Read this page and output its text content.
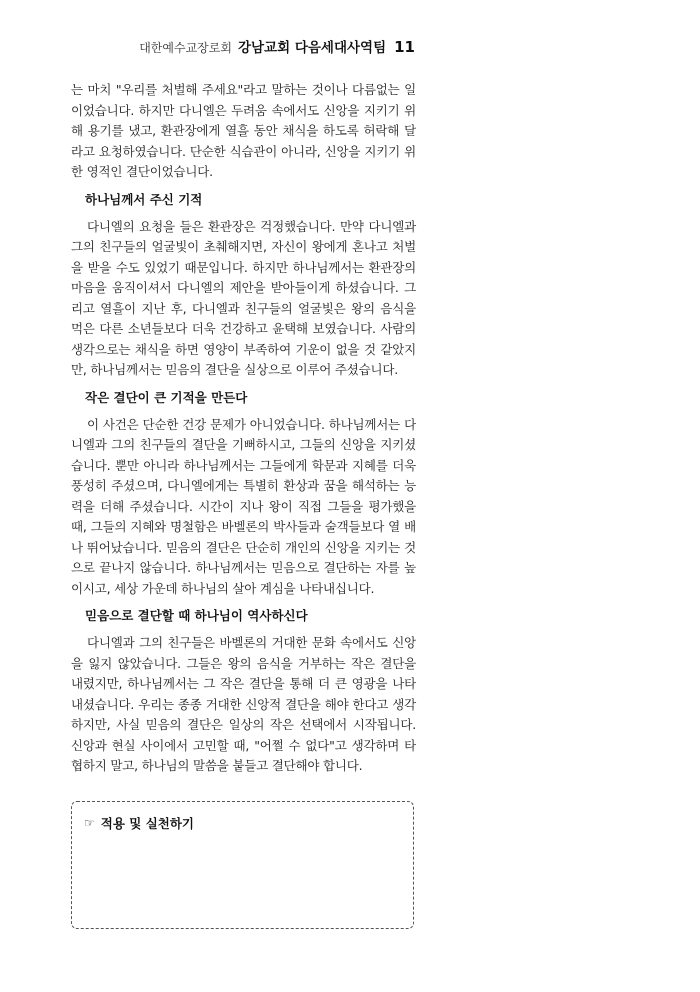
대한예수교장로회 강남교회 다음세대사역팀 11

는 마치 "우리를 처벌해 주세요"라고 말하는 것이나 다름없는 일이었습니다. 하지만 다니엘은 두려움 속에서도 신앙을 지키기 위해 용기를 냈고, 환관장에게 열흘 동안 채식을 하도록 허락해 달라고 요청하였습니다. 단순한 식습관이 아니라, 신앙을 지키기 위한 영적인 결단이었습니다.

하나님께서 주신 기적

다니엘의 요청을 들은 환관장은 걱정했습니다. 만약 다니엘과 그의 친구들의 얼굴빛이 초췌해지면, 자신이 왕에게 혼나고 처벌을 받을 수도 있었기 때문입니다. 하지만 하나님께서는 환관장의 마음을 움직이셔서 다니엘의 제안을 받아들이게 하셨습니다. 그리고 열흘이 지난 후, 다니엘과 친구들의 얼굴빛은 왕의 음식을 먹은 다른 소년들보다 더욱 건강하고 윤택해 보였습니다. 사람의 생각으로는 채식을 하면 영양이 부족하여 기운이 없을 것 같았지만, 하나님께서는 믿음의 결단을 실상으로 이루어 주셨습니다.

작은 결단이 큰 기적을 만든다

이 사건은 단순한 건강 문제가 아니었습니다. 하나님께서는 다니엘과 그의 친구들의 결단을 기뻐하시고, 그들의 신앙을 지키셨습니다. 뿐만 아니라 하나님께서는 그들에게 학문과 지혜를 더욱 풍성히 주셨으며, 다니엘에게는 특별히 환상과 꿈을 해석하는 능력을 더해 주셨습니다. 시간이 지나 왕이 직접 그들을 평가했을 때, 그들의 지혜와 명철함은 바벨론의 박사들과 술객들보다 열 배나 뛰어났습니다. 믿음의 결단은 단순히 개인의 신앙을 지키는 것으로 끝나지 않습니다. 하나님께서는 믿음으로 결단하는 자를 높이시고, 세상 가운데 하나님의 살아 계심을 나타내십니다.

믿음으로 결단할 때 하나님이 역사하신다

다니엘과 그의 친구들은 바벨론의 거대한 문화 속에서도 신앙을 잃지 않았습니다. 그들은 왕의 음식을 거부하는 작은 결단을 내렸지만, 하나님께서는 그 작은 결단을 통해 더 큰 영광을 나타내셨습니다. 우리는 종종 거대한 신앙적 결단을 해야 한다고 생각하지만, 사실 믿음의 결단은 일상의 작은 선택에서 시작됩니다. 신앙과 현실 사이에서 고민할 때, "어쩔 수 없다"고 생각하며 타협하지 말고, 하나님의 말씀을 붙들고 결단해야 합니다.

☞ 적용 및 실천하기
